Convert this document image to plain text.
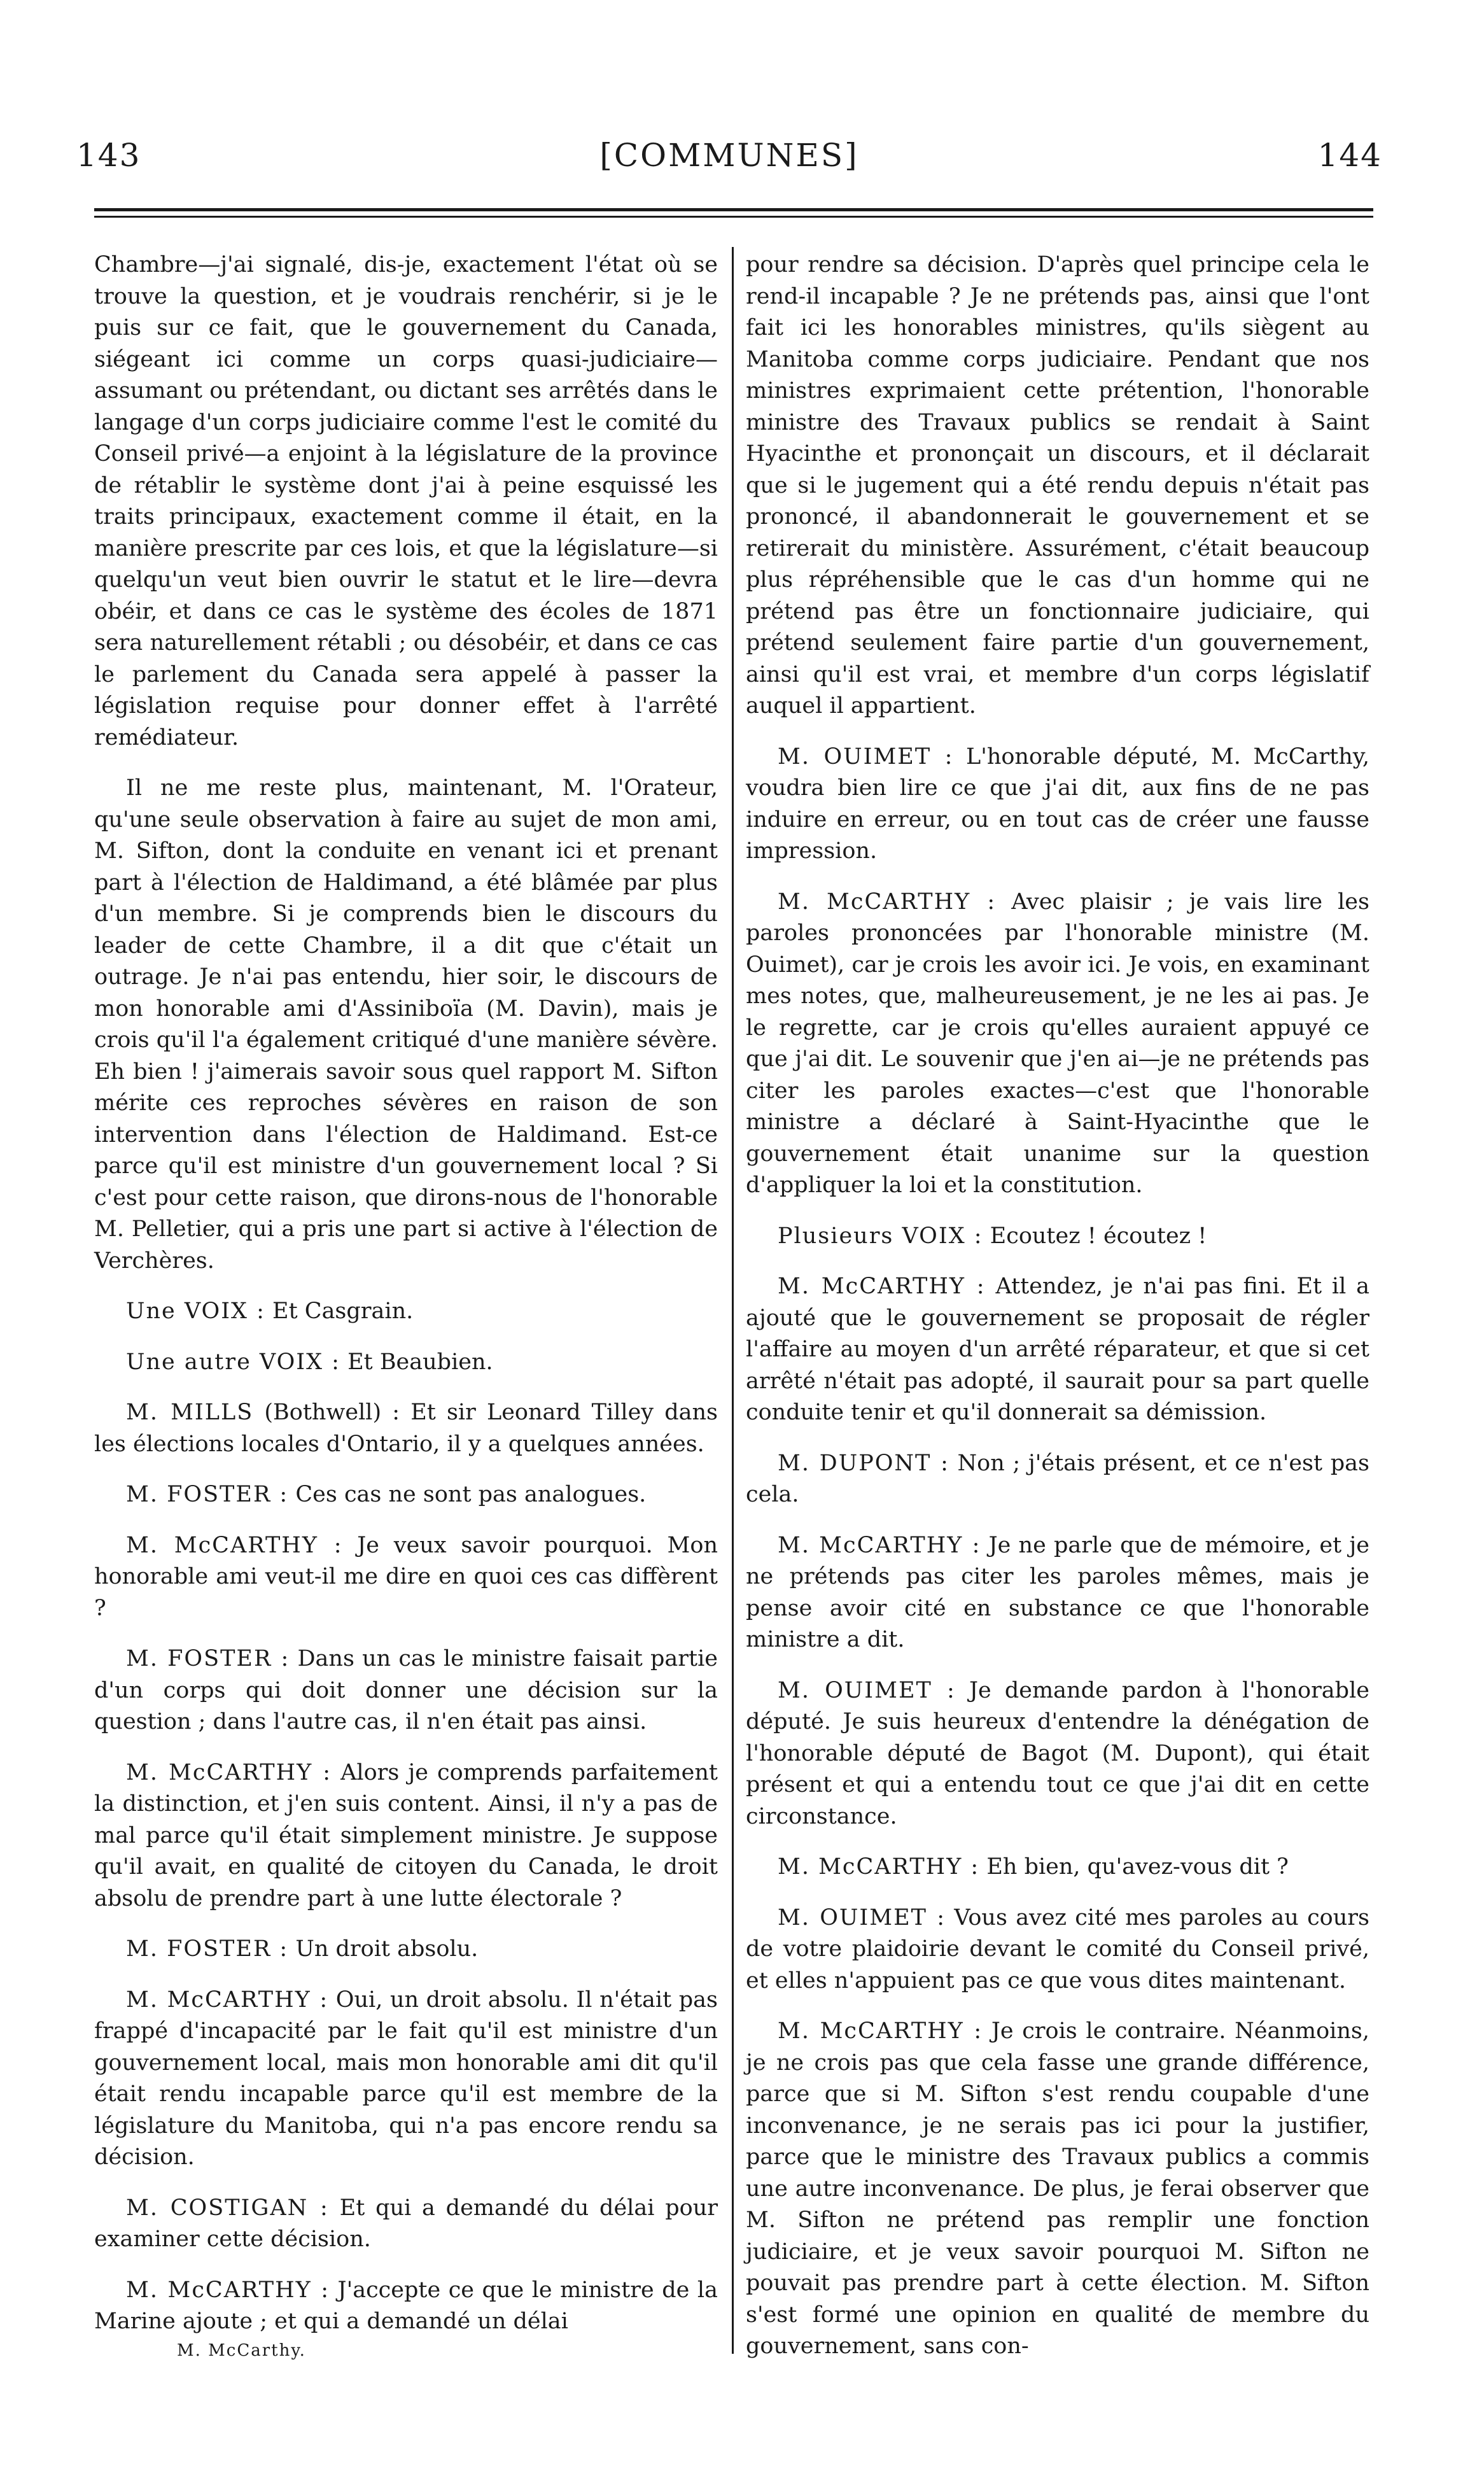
143	[COMMUNES]	144

Chambre—j'ai signalé, dis-je, exactement l'état où se trouve la question, et je voudrais renchérir, si je le puis sur ce fait, que le gouvernement du Canada, siégeant ici comme un corps quasi-judiciaire—assumant ou prétendant, ou dictant ses arrêtés dans le langage d'un corps judiciaire comme l'est le comité du Conseil privé—a enjoint à la législature de la province de rétablir le système dont j'ai à peine esquissé les traits principaux, exactement comme il était, en la manière prescrite par ces lois, et que la législature—si quelqu'un veut bien ouvrir le statut et le lire—devra obéir, et dans ce cas le système des écoles de 1871 sera naturellement rétabli ; ou désobéir, et dans ce cas le parlement du Canada sera appelé à passer la législation requise pour donner effet à l'arrêté remédiateur.

Il ne me reste plus, maintenant, M. l'Orateur, qu'une seule observation à faire au sujet de mon ami, M. Sifton, dont la conduite en venant ici et prenant part à l'élection de Haldimand, a été blâmée par plus d'un membre. Si je comprends bien le discours du leader de cette Chambre, il a dit que c'était un outrage. Je n'ai pas entendu, hier soir, le discours de mon honorable ami d'Assiniboïa (M. Davin), mais je crois qu'il l'a également critiqué d'une manière sévère. Eh bien ! j'aimerais savoir sous quel rapport M. Sifton mérite ces reproches sévères en raison de son intervention dans l'élection de Haldimand. Est-ce parce qu'il est ministre d'un gouvernement local ? Si c'est pour cette raison, que dirons-nous de l'honorable M. Pelletier, qui a pris une part si active à l'élection de Verchères.

Une VOIX : Et Casgrain.

Une autre VOIX : Et Beaubien.

M. MILLS (Bothwell) : Et sir Leonard Tilley dans les élections locales d'Ontario, il y a quelques années.

M. FOSTER : Ces cas ne sont pas analogues.

M. McCARTHY : Je veux savoir pourquoi. Mon honorable ami veut-il me dire en quoi ces cas diffèrent ?

M. FOSTER : Dans un cas le ministre faisait partie d'un corps qui doit donner une décision sur la question ; dans l'autre cas, il n'en était pas ainsi.

M. McCARTHY : Alors je comprends parfaitement la distinction, et j'en suis content. Ainsi, il n'y a pas de mal parce qu'il était simplement ministre. Je suppose qu'il avait, en qualité de citoyen du Canada, le droit absolu de prendre part à une lutte électorale ?

M. FOSTER : Un droit absolu.

M. McCARTHY : Oui, un droit absolu. Il n'était pas frappé d'incapacité par le fait qu'il est ministre d'un gouvernement local, mais mon honorable ami dit qu'il était rendu incapable parce qu'il est membre de la législature du Manitoba, qui n'a pas encore rendu sa décision.

M. COSTIGAN : Et qui a demandé du délai pour examiner cette décision.

M. McCARTHY : J'accepte ce que le ministre de la Marine ajoute ; et qui a demandé un délai

M. McCarthy.

pour rendre sa décision. D'après quel principe cela le rend-il incapable ? Je ne prétends pas, ainsi que l'ont fait ici les honorables ministres, qu'ils siègent au Manitoba comme corps judiciaire. Pendant que nos ministres exprimaient cette prétention, l'honorable ministre des Travaux publics se rendait à Saint Hyacinthe et prononçait un discours, et il déclarait que si le jugement qui a été rendu depuis n'était pas prononcé, il abandonnerait le gouvernement et se retirerait du ministère. Assurément, c'était beaucoup plus répréhensible que le cas d'un homme qui ne prétend pas être un fonctionnaire judiciaire, qui prétend seulement faire partie d'un gouvernement, ainsi qu'il est vrai, et membre d'un corps législatif auquel il appartient.

M. OUIMET : L'honorable député, M. McCarthy, voudra bien lire ce que j'ai dit, aux fins de ne pas induire en erreur, ou en tout cas de créer une fausse impression.

M. McCARTHY : Avec plaisir ; je vais lire les paroles prononcées par l'honorable ministre (M. Ouimet), car je crois les avoir ici. Je vois, en examinant mes notes, que, malheureusement, je ne les ai pas. Je le regrette, car je crois qu'elles auraient appuyé ce que j'ai dit. Le souvenir que j'en ai—je ne prétends pas citer les paroles exactes—c'est que l'honorable ministre a déclaré à Saint-Hyacinthe que le gouvernement était unanime sur la question d'appliquer la loi et la constitution.

Plusieurs VOIX : Ecoutez ! écoutez !

M. McCARTHY : Attendez, je n'ai pas fini. Et il a ajouté que le gouvernement se proposait de régler l'affaire au moyen d'un arrêté réparateur, et que si cet arrêté n'était pas adopté, il saurait pour sa part quelle conduite tenir et qu'il donnerait sa démission.

M. DUPONT : Non ; j'étais présent, et ce n'est pas cela.

M. McCARTHY : Je ne parle que de mémoire, et je ne prétends pas citer les paroles mêmes, mais je pense avoir cité en substance ce que l'honorable ministre a dit.

M. OUIMET : Je demande pardon à l'honorable député. Je suis heureux d'entendre la dénégation de l'honorable député de Bagot (M. Dupont), qui était présent et qui a entendu tout ce que j'ai dit en cette circonstance.

M. McCARTHY : Eh bien, qu'avez-vous dit ?

M. OUIMET : Vous avez cité mes paroles au cours de votre plaidoirie devant le comité du Conseil privé, et elles n'appuient pas ce que vous dites maintenant.

M. McCARTHY : Je crois le contraire. Néanmoins, je ne crois pas que cela fasse une grande différence, parce que si M. Sifton s'est rendu coupable d'une inconvenance, je ne serais pas ici pour la justifier, parce que le ministre des Travaux publics a commis une autre inconvenance. De plus, je ferai observer que M. Sifton ne prétend pas remplir une fonction judiciaire, et je veux savoir pourquoi M. Sifton ne pouvait pas prendre part à cette élection. M. Sifton s'est formé une opinion en qualité de membre du gouvernement, sans con-
